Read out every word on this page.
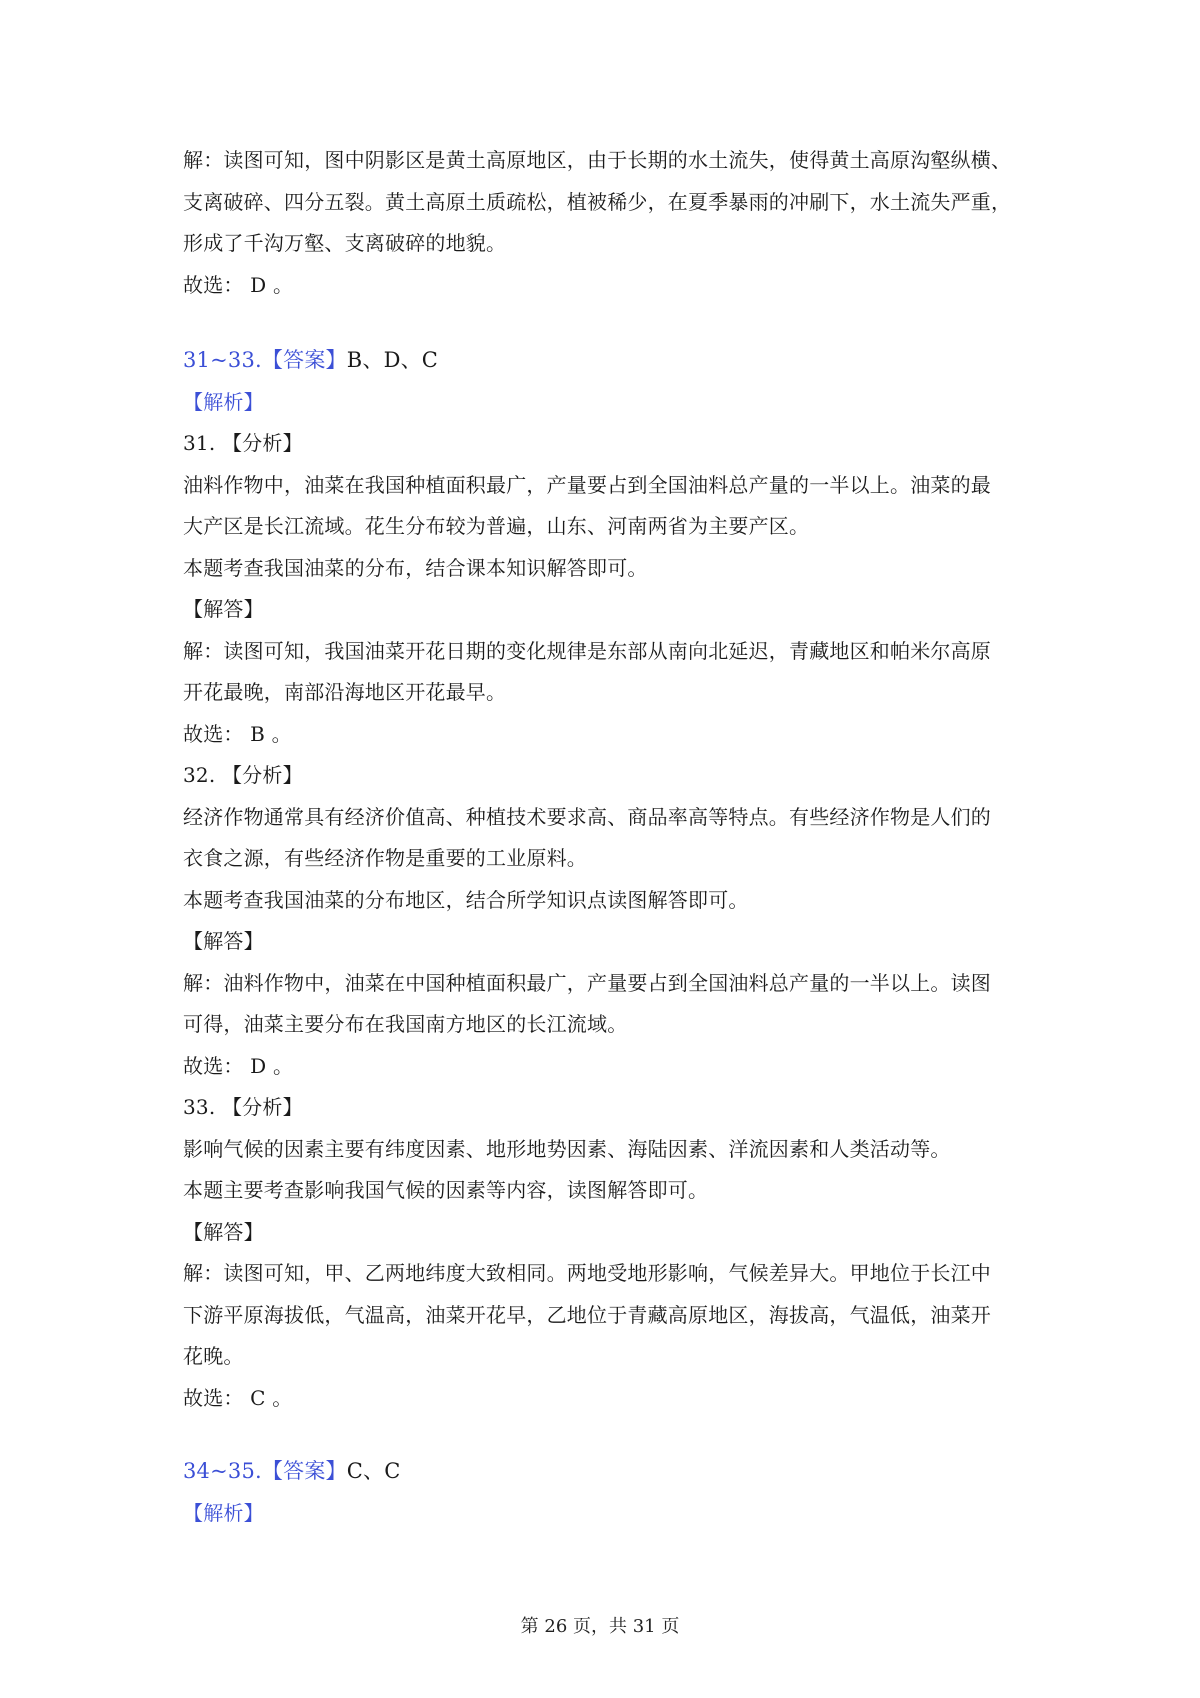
解：读图可知，图中阴影区是黄土高原地区，由于长期的水土流失，使得黄土高原沟壑纵横、
支离破碎、四分五裂。黄土高原土质疏松，植被稀少，在夏季暴雨的冲刷下，水土流失严重，
形成了千沟万壑、支离破碎的地貌。
故选： D 。
31~33.【答案】B、D、C
【解析】
31. 【分析】
油料作物中，油菜在我国种植面积最广，产量要占到全国油料总产量的一半以上。油菜的最
大产区是长江流域。花生分布较为普遍，山东、河南两省为主要产区。
本题考查我国油菜的分布，结合课本知识解答即可。
【解答】
解：读图可知，我国油菜开花日期的变化规律是东部从南向北延迟，青藏地区和帕米尔高原
开花最晚，南部沿海地区开花最早。
故选： B 。
32. 【分析】
经济作物通常具有经济价值高、种植技术要求高、商品率高等特点。有些经济作物是人们的
衣食之源，有些经济作物是重要的工业原料。
本题考查我国油菜的分布地区，结合所学知识点读图解答即可。
【解答】
解：油料作物中，油菜在中国种植面积最广，产量要占到全国油料总产量的一半以上。读图
可得，油菜主要分布在我国南方地区的长江流域。
故选： D 。
33. 【分析】
影响气候的因素主要有纬度因素、地形地势因素、海陆因素、洋流因素和人类活动等。
本题主要考查影响我国气候的因素等内容，读图解答即可。
【解答】
解：读图可知，甲、乙两地纬度大致相同。两地受地形影响，气候差异大。甲地位于长江中
下游平原海拔低，气温高，油菜开花早，乙地位于青藏高原地区，海拔高，气温低，油菜开
花晚。
故选： C 。
34~35.【答案】C、C
【解析】
第 26 页，共 31 页
